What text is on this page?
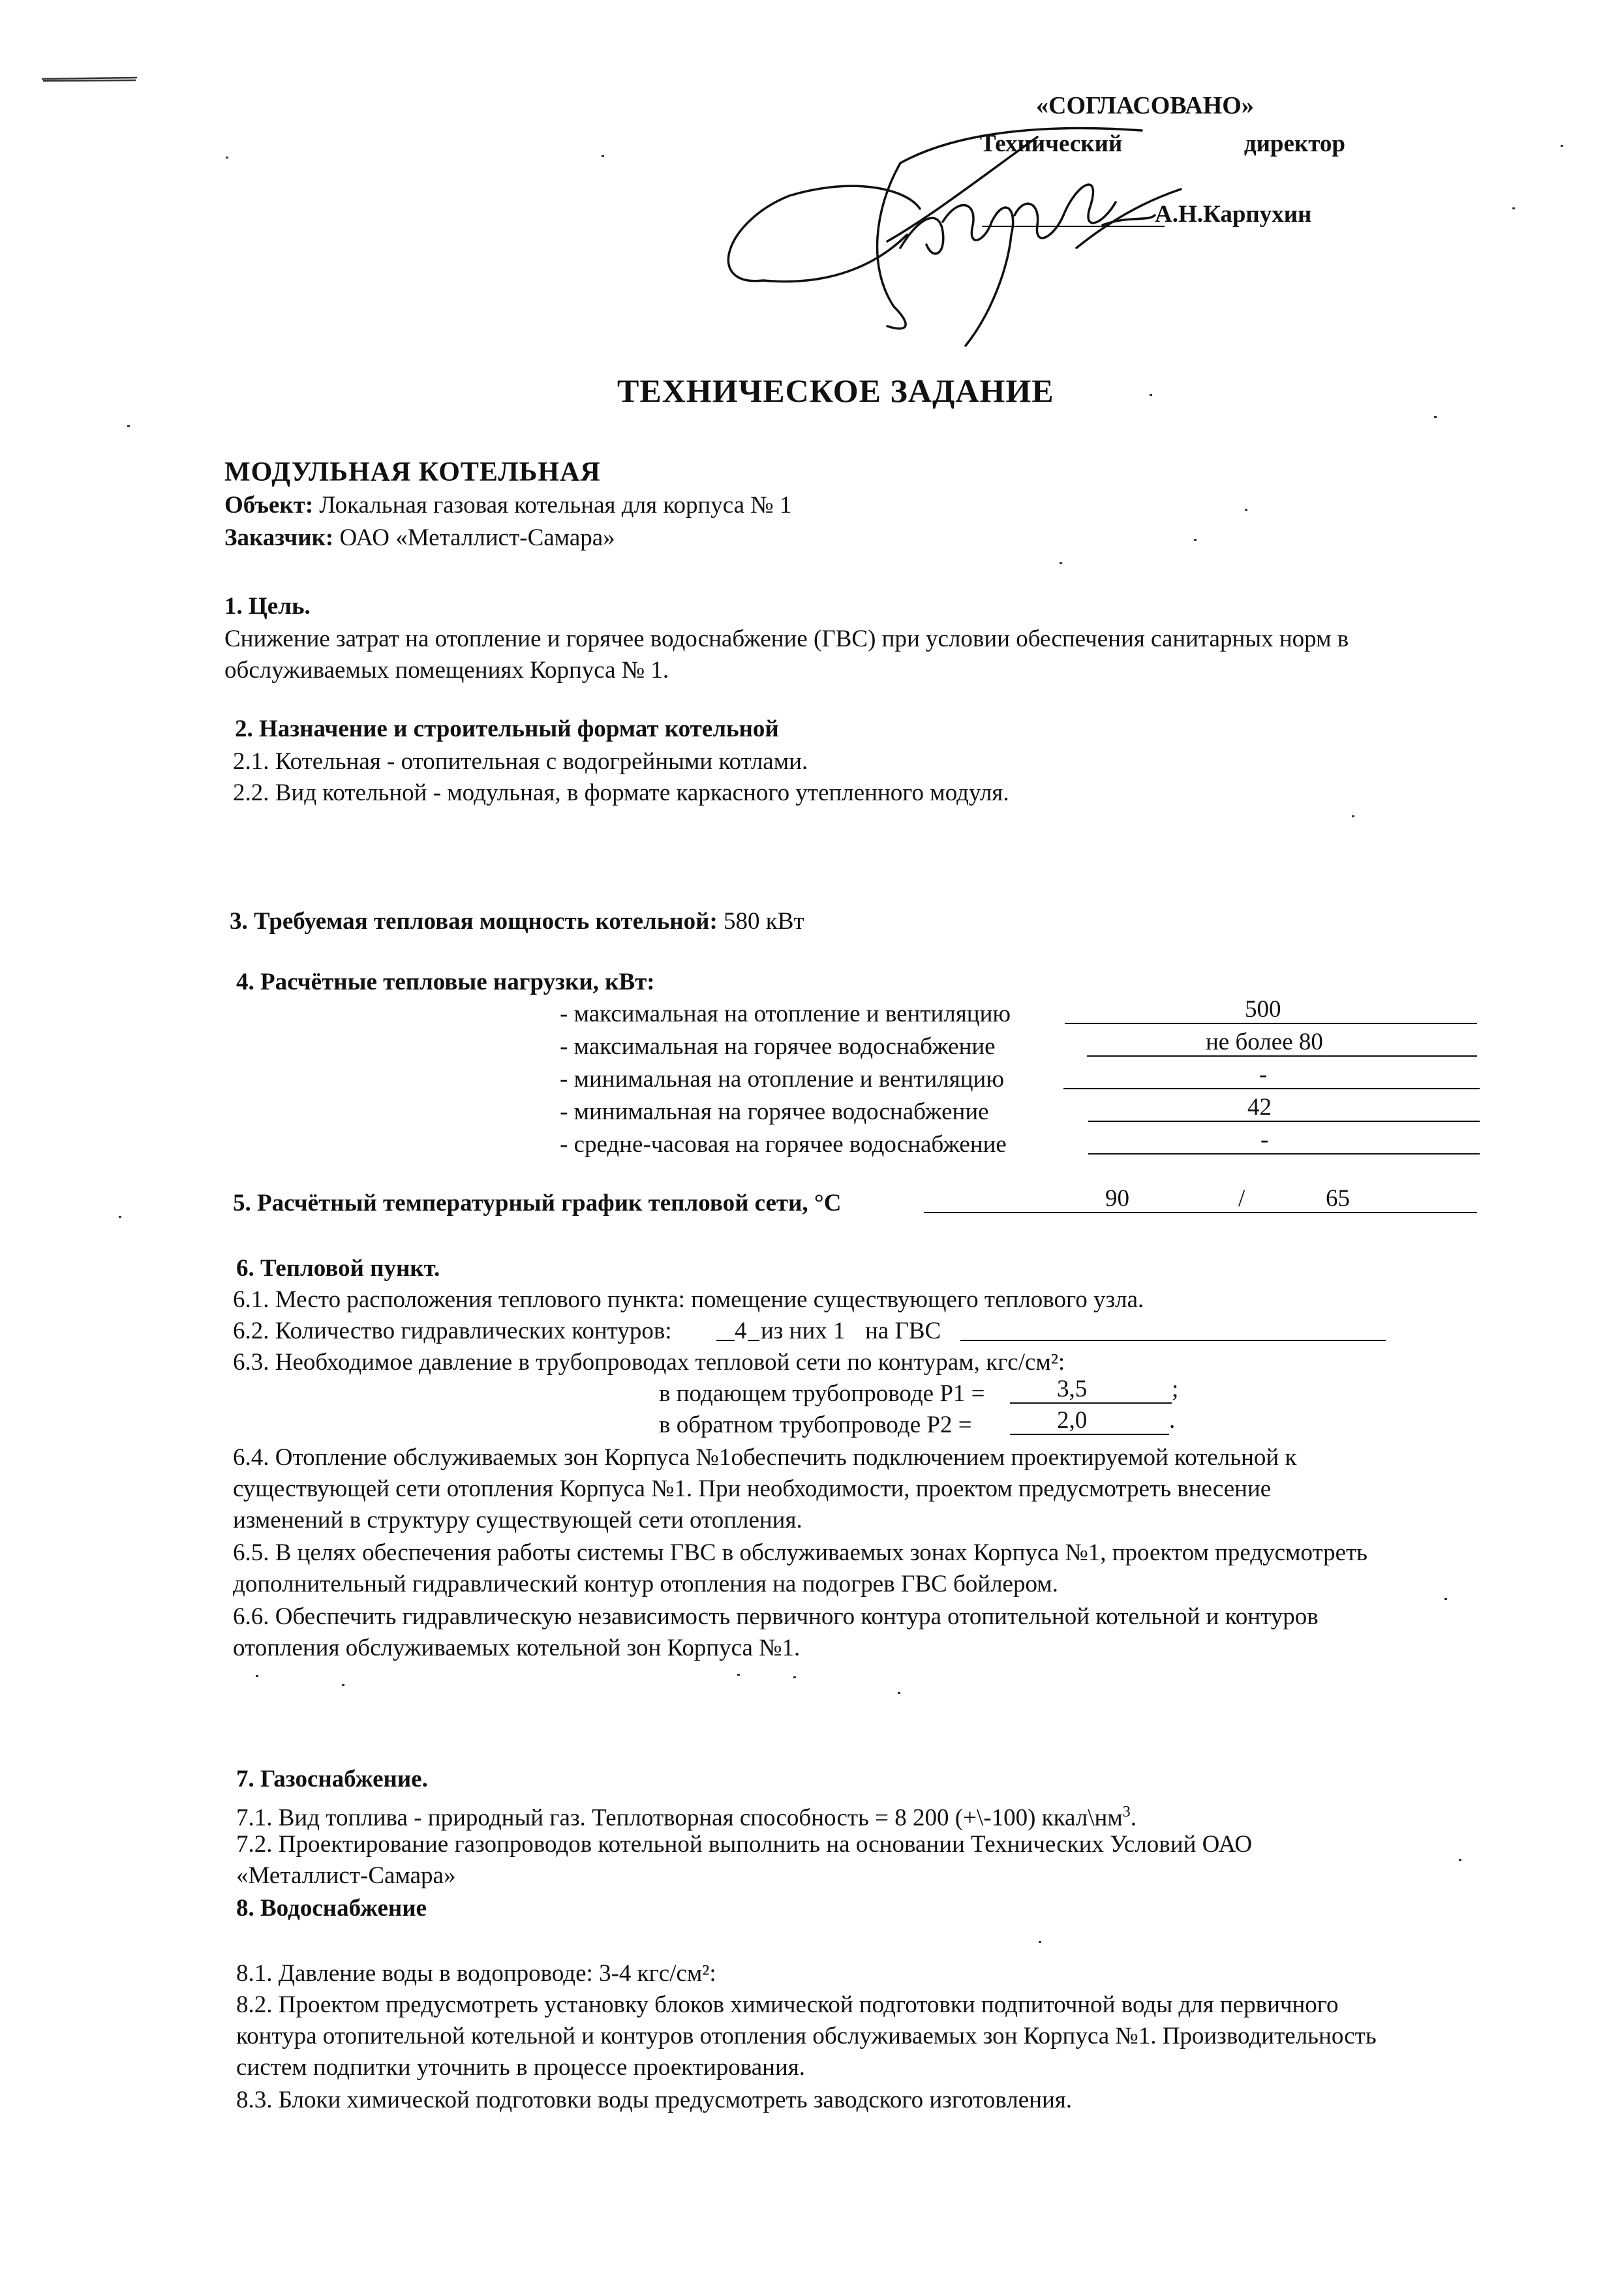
«СОГЛАСОВАНО»
Технический	директор
А.Н.Карпухин
ТЕХНИЧЕСКОЕ ЗАДАНИЕ
МОДУЛЬНАЯ КОТЕЛЬНАЯ
Объект: Локальная газовая котельная для корпуса № 1
Заказчик: ОАО «Металлист-Самара»
1. Цель.
Снижение затрат на отопление и горячее водоснабжение (ГВС) при условии обеспечения санитарных норм в
обслуживаемых помещениях Корпуса № 1.
2. Назначение и строительный формат котельной
2.1. Котельная - отопительная с водогрейными котлами.
2.2. Вид котельной - модульная, в формате каркасного утепленного модуля.
3. Требуемая тепловая мощность котельной: 580 кВт
4. Расчётные тепловые нагрузки, кВт:
- максимальная на отопление и вентиляцию	500
- максимальная на горячее водоснабжение	не более 80
- минимальная на отопление и вентиляцию	-
- минимальная на горячее водоснабжение	42
- средне-часовая на горячее водоснабжение	-
5. Расчётный температурный график тепловой сети, °С	90	/	65
6. Тепловой пункт.
6.1. Место расположения теплового пункта: помещение существующего теплового узла.
6.2. Количество гидравлических контуров:	4 из них 1 на ГВС
6.3. Необходимое давление в трубопроводах тепловой сети по контурам, кгс/см²:
в подающем трубопроводе Р1 =	3,5	;
в обратном трубопроводе Р2 =	2,0	.
6.4. Отопление обслуживаемых зон Корпуса №1обеспечить подключением проектируемой котельной к
существующей сети отопления Корпуса №1. При необходимости, проектом предусмотреть внесение
изменений в структуру существующей сети отопления.
6.5. В целях обеспечения работы системы ГВС в обслуживаемых зонах Корпуса №1, проектом предусмотреть
дополнительный гидравлический контур отопления на подогрев ГВС бойлером.
6.6. Обеспечить гидравлическую независимость первичного контура отопительной котельной и контуров
отопления обслуживаемых котельной зон Корпуса №1.
7. Газоснабжение.
7.1. Вид топлива - природный газ. Теплотворная способность = 8 200 (+\-100) $ккал\backslash нм^3$.
7.2. Проектирование газопроводов котельной выполнить на основании Технических Условий ОАО
«Металлист-Самара»
8. Водоснабжение
8.1. Давление воды в водопроводе: 3-4 кгс/см²:
8.2. Проектом предусмотреть установку блоков химической подготовки подпиточной воды для первичного
контура отопительной котельной и контуров отопления обслуживаемых зон Корпуса №1. Производительность
систем подпитки уточнить в процессе проектирования.
8.3. Блоки химической подготовки воды предусмотреть заводского изготовления.
